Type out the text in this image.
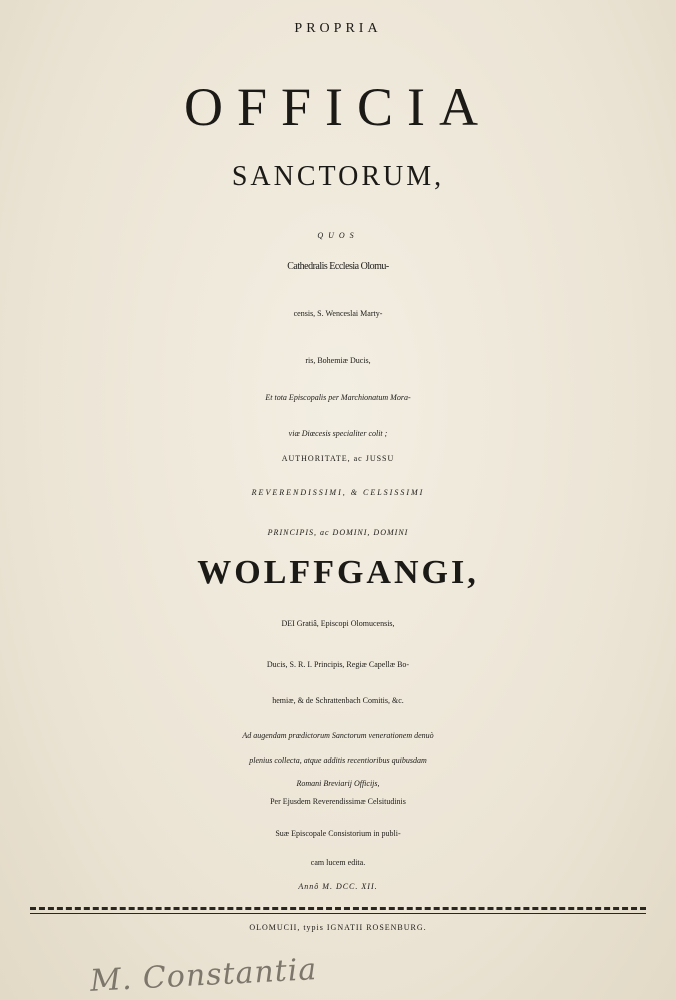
PROPRIA
OFFICIA
SANCTORUM,
QUOS
Cathedralis Ecclesia Olomu-
censis, S. Wenceslai Marty-
ris, Bohemiæ Ducis,
Et tota Episcopalis per Marchionatum Mora-
viæ Diœcesis specialiter colit ;
AUTHORITATE, ac JUSSU
REVERENDISSIMI, & CELSISSIMI
PRINCIPIS, ac DOMINI, DOMINI
WOLFFGANGI,
DEI Gratiâ, Episcopi Olomucensis,
Ducis, S. R. I. Principis, Regiæ Capellæ Bo-
hemiæ, & de Schrattenbach Comitis, &c.
Ad augendam prædictorum Sanctorum venerationem denuò
plenius collecta, atque additis recentioribus quibusdam
Romani Breviarij Officijs,
Per Ejusdem Reverendissimæ Celsitudinis
Suæ Episcopale Consistorium in publi-
cam lucem edita.
Annô M. DCC. XII.
OLOMUCII, typis IGNATII ROSENBURG.
M. Constantia
